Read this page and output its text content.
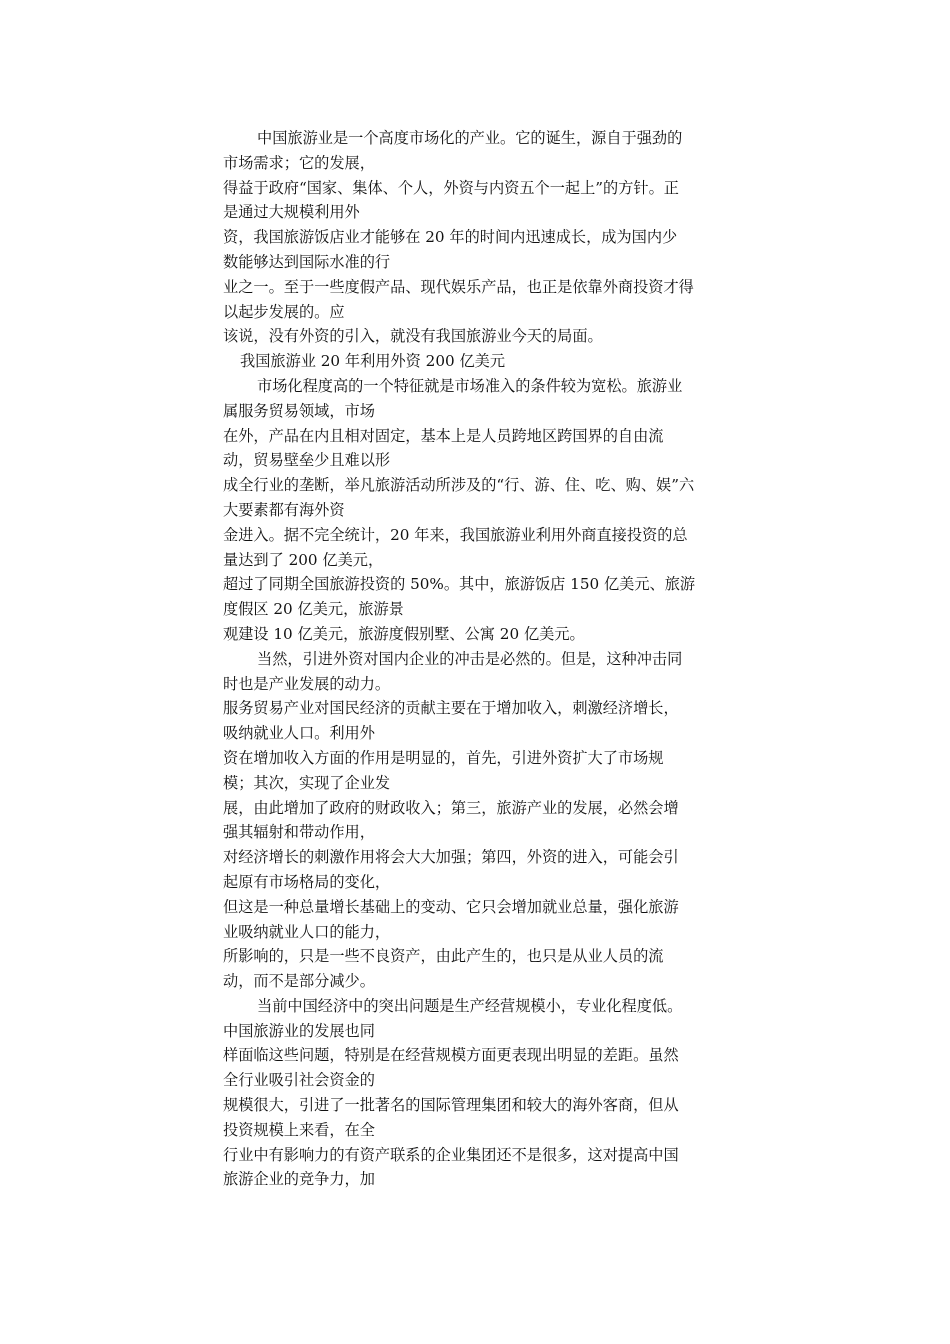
中国旅游业是一个高度市场化的产业。它的诞生，源自于强劲的
市场需求；它的发展，
得益于政府“国家、集体、个人，外资与内资五个一起上”的方针。正
是通过大规模利用外
资，我国旅游饭店业才能够在 20 年的时间内迅速成长，成为国内少
数能够达到国际水准的行
业之一。至于一些度假产品、现代娱乐产品，也正是依靠外商投资才得
以起步发展的。应
该说，没有外资的引入，就没有我国旅游业今天的局面。
我国旅游业 20 年利用外资 200 亿美元
市场化程度高的一个特征就是市场准入的条件较为宽松。旅游业
属服务贸易领域，市场
在外，产品在内且相对固定，基本上是人员跨地区跨国界的自由流
动，贸易壁垒少且难以形
成全行业的垄断，举凡旅游活动所涉及的“行、游、住、吃、购、娱”六
大要素都有海外资
金进入。据不完全统计，20 年来，我国旅游业利用外商直接投资的总
量达到了 200 亿美元，
超过了同期全国旅游投资的 50%。其中，旅游饭店 150 亿美元、旅游
度假区 20 亿美元，旅游景
观建设 10 亿美元，旅游度假别墅、公寓 20 亿美元。
当然，引进外资对国内企业的冲击是必然的。但是，这种冲击同
时也是产业发展的动力。
服务贸易产业对国民经济的贡献主要在于增加收入，刺激经济增长，
吸纳就业人口。利用外
资在增加收入方面的作用是明显的，首先，引进外资扩大了市场规
模；其次，实现了企业发
展，由此增加了政府的财政收入；第三，旅游产业的发展，必然会增
强其辐射和带动作用，
对经济增长的刺激作用将会大大加强；第四，外资的进入，可能会引
起原有市场格局的变化，
但这是一种总量增长基础上的变动、它只会增加就业总量，强化旅游
业吸纳就业人口的能力，
所影响的，只是一些不良资产，由此产生的，也只是从业人员的流
动，而不是部分减少。
当前中国经济中的突出问题是生产经营规模小，专业化程度低。
中国旅游业的发展也同
样面临这些问题，特别是在经营规模方面更表现出明显的差距。虽然
全行业吸引社会资金的
规模很大，引进了一批著名的国际管理集团和较大的海外客商，但从
投资规模上来看，在全
行业中有影响力的有资产联系的企业集团还不是很多，这对提高中国
旅游企业的竞争力，加
